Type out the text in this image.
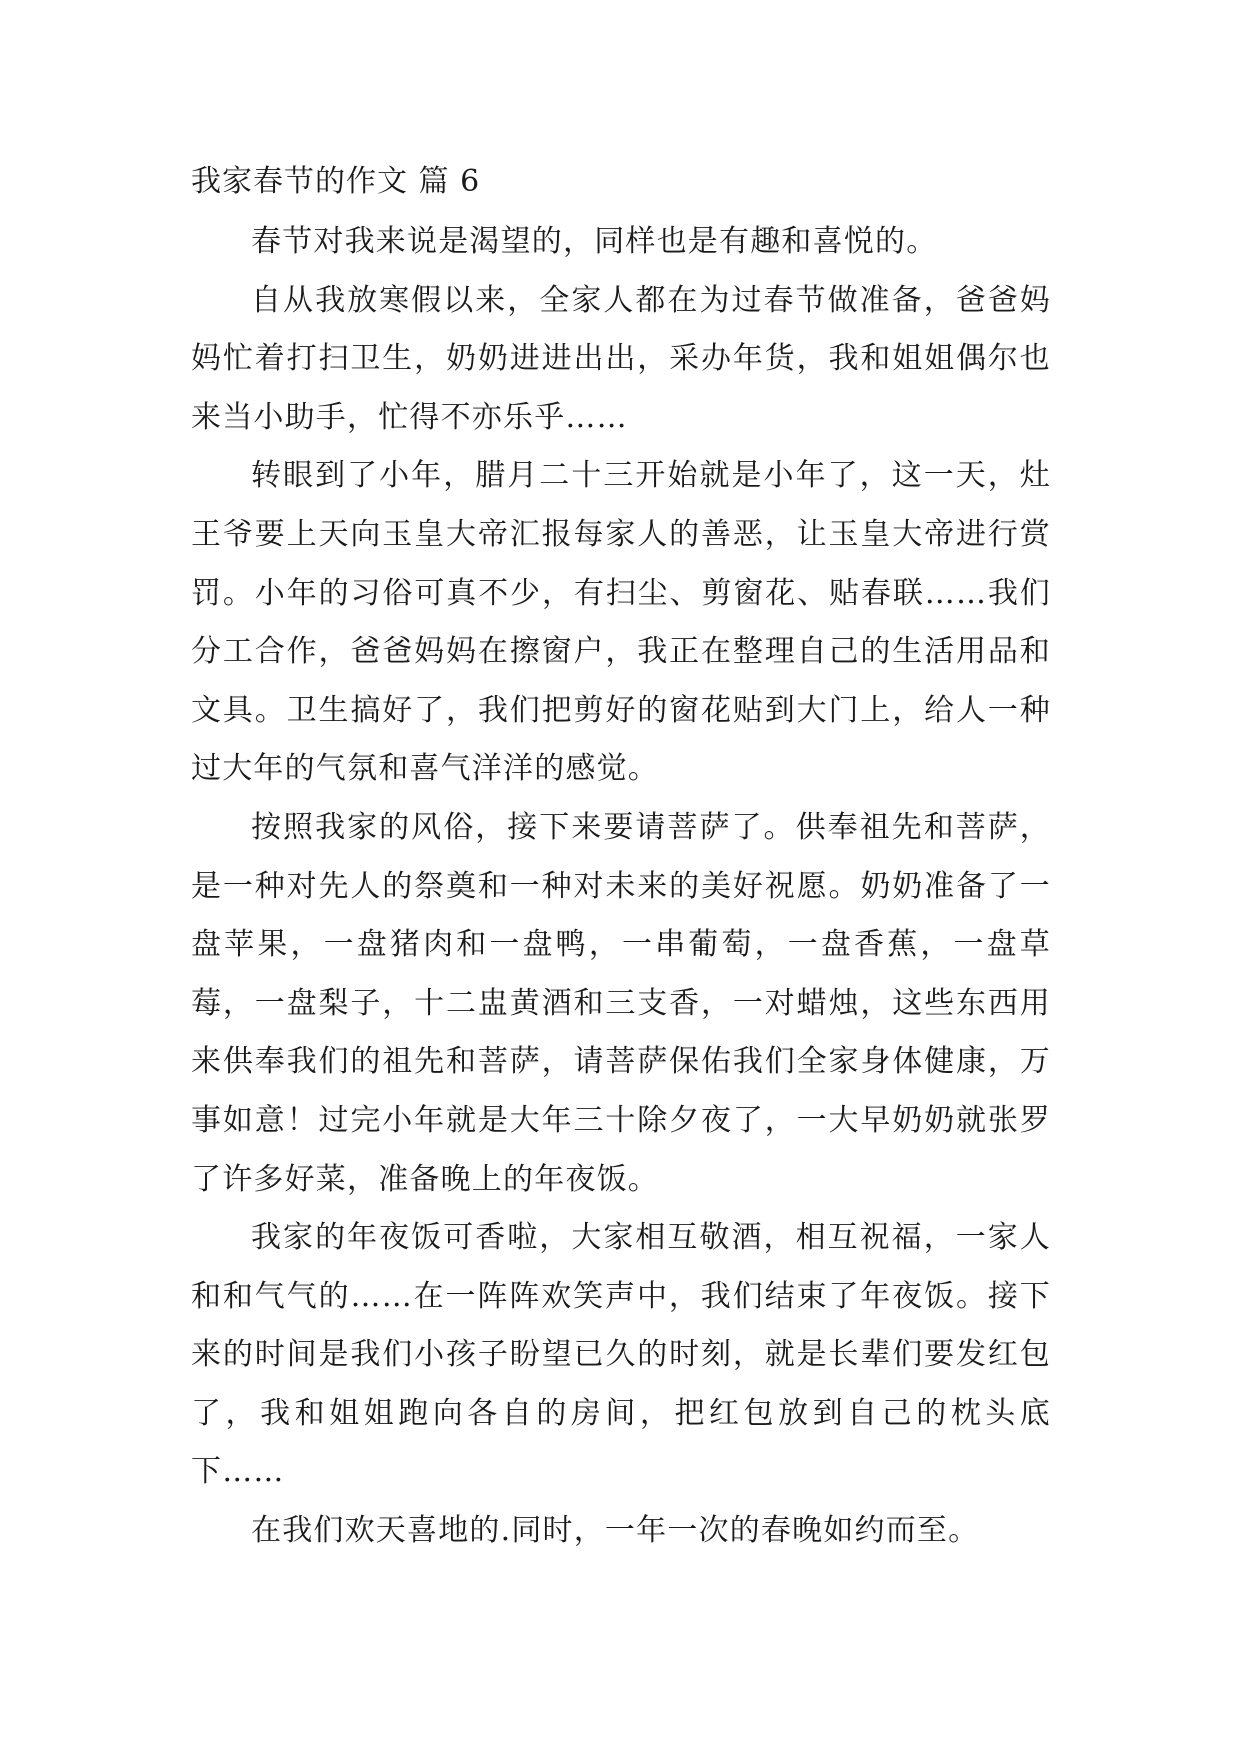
我家春节的作文 篇 6

春节对我来说是渴望的，同样也是有趣和喜悦的。

自从我放寒假以来，全家人都在为过春节做准备，爸爸妈妈忙着打扫卫生，奶奶进进出出，采办年货，我和姐姐偶尔也来当小助手，忙得不亦乐乎……

转眼到了小年，腊月二十三开始就是小年了，这一天，灶王爷要上天向玉皇大帝汇报每家人的善恶，让玉皇大帝进行赏罚。小年的习俗可真不少，有扫尘、剪窗花、贴春联……我们分工合作，爸爸妈妈在擦窗户，我正在整理自己的生活用品和文具。卫生搞好了，我们把剪好的窗花贴到大门上，给人一种过大年的气氛和喜气洋洋的感觉。

按照我家的风俗，接下来要请菩萨了。供奉祖先和菩萨，是一种对先人的祭奠和一种对未来的美好祝愿。奶奶准备了一盘苹果，一盘猪肉和一盘鸭，一串葡萄，一盘香蕉，一盘草莓，一盘梨子，十二盅黄酒和三支香，一对蜡烛，这些东西用来供奉我们的祖先和菩萨，请菩萨保佑我们全家身体健康，万事如意！过完小年就是大年三十除夕夜了，一大早奶奶就张罗了许多好菜，准备晚上的年夜饭。

我家的年夜饭可香啦，大家相互敬酒，相互祝福，一家人和和气气的……在一阵阵欢笑声中，我们结束了年夜饭。接下来的时间是我们小孩子盼望已久的时刻，就是长辈们要发红包了，我和姐姐跑向各自的房间，把红包放到自己的枕头底下……

在我们欢天喜地的.同时，一年一次的春晚如约而至。
